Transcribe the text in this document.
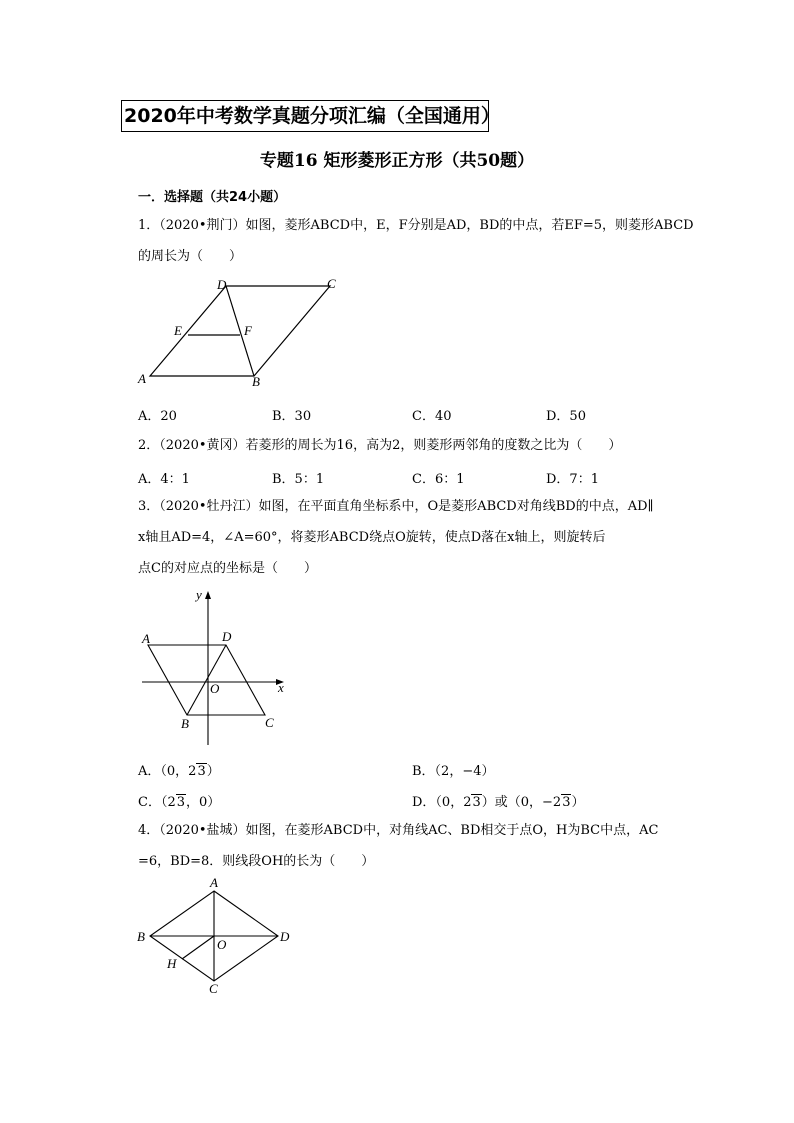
2020年中考数学真题分项汇编（全国通用）
专题16 矩形菱形正方形（共50题）
一．选择题（共24小题）
1．（2020•荆门）如图，菱形ABCD中，E，F分别是AD，BD的中点，若EF=5，则菱形ABCD
的周长为（　　）
D	C
E	F
A	B
A．20	B．30	C．40	D．50
2．（2020•黄冈）若菱形的周长为16，高为2，则菱形两邻角的度数之比为（　　）
A．4：1	B．5：1	C．6：1	D．7：1
3．（2020•牡丹江）如图，在平面直角坐标系中，O是菱形ABCD对角线BD的中点，AD∥
x轴且AD=4，∠A=60°，将菱形ABCD绕点O旋转，使点D落在x轴上，则旋转后
点C的对应点的坐标是（　　）
y
A	D
O	x
B	C
A．（0，23）	B．（2，−4）
C．（23，0）	D．（0，23）或（0，−23）
4．（2020•盐城）如图，在菱形ABCD中，对角线AC、BD相交于点O，H为BC中点，AC
=6，BD=8．则线段OH的长为（　　）
A
B
O
D
H
C
